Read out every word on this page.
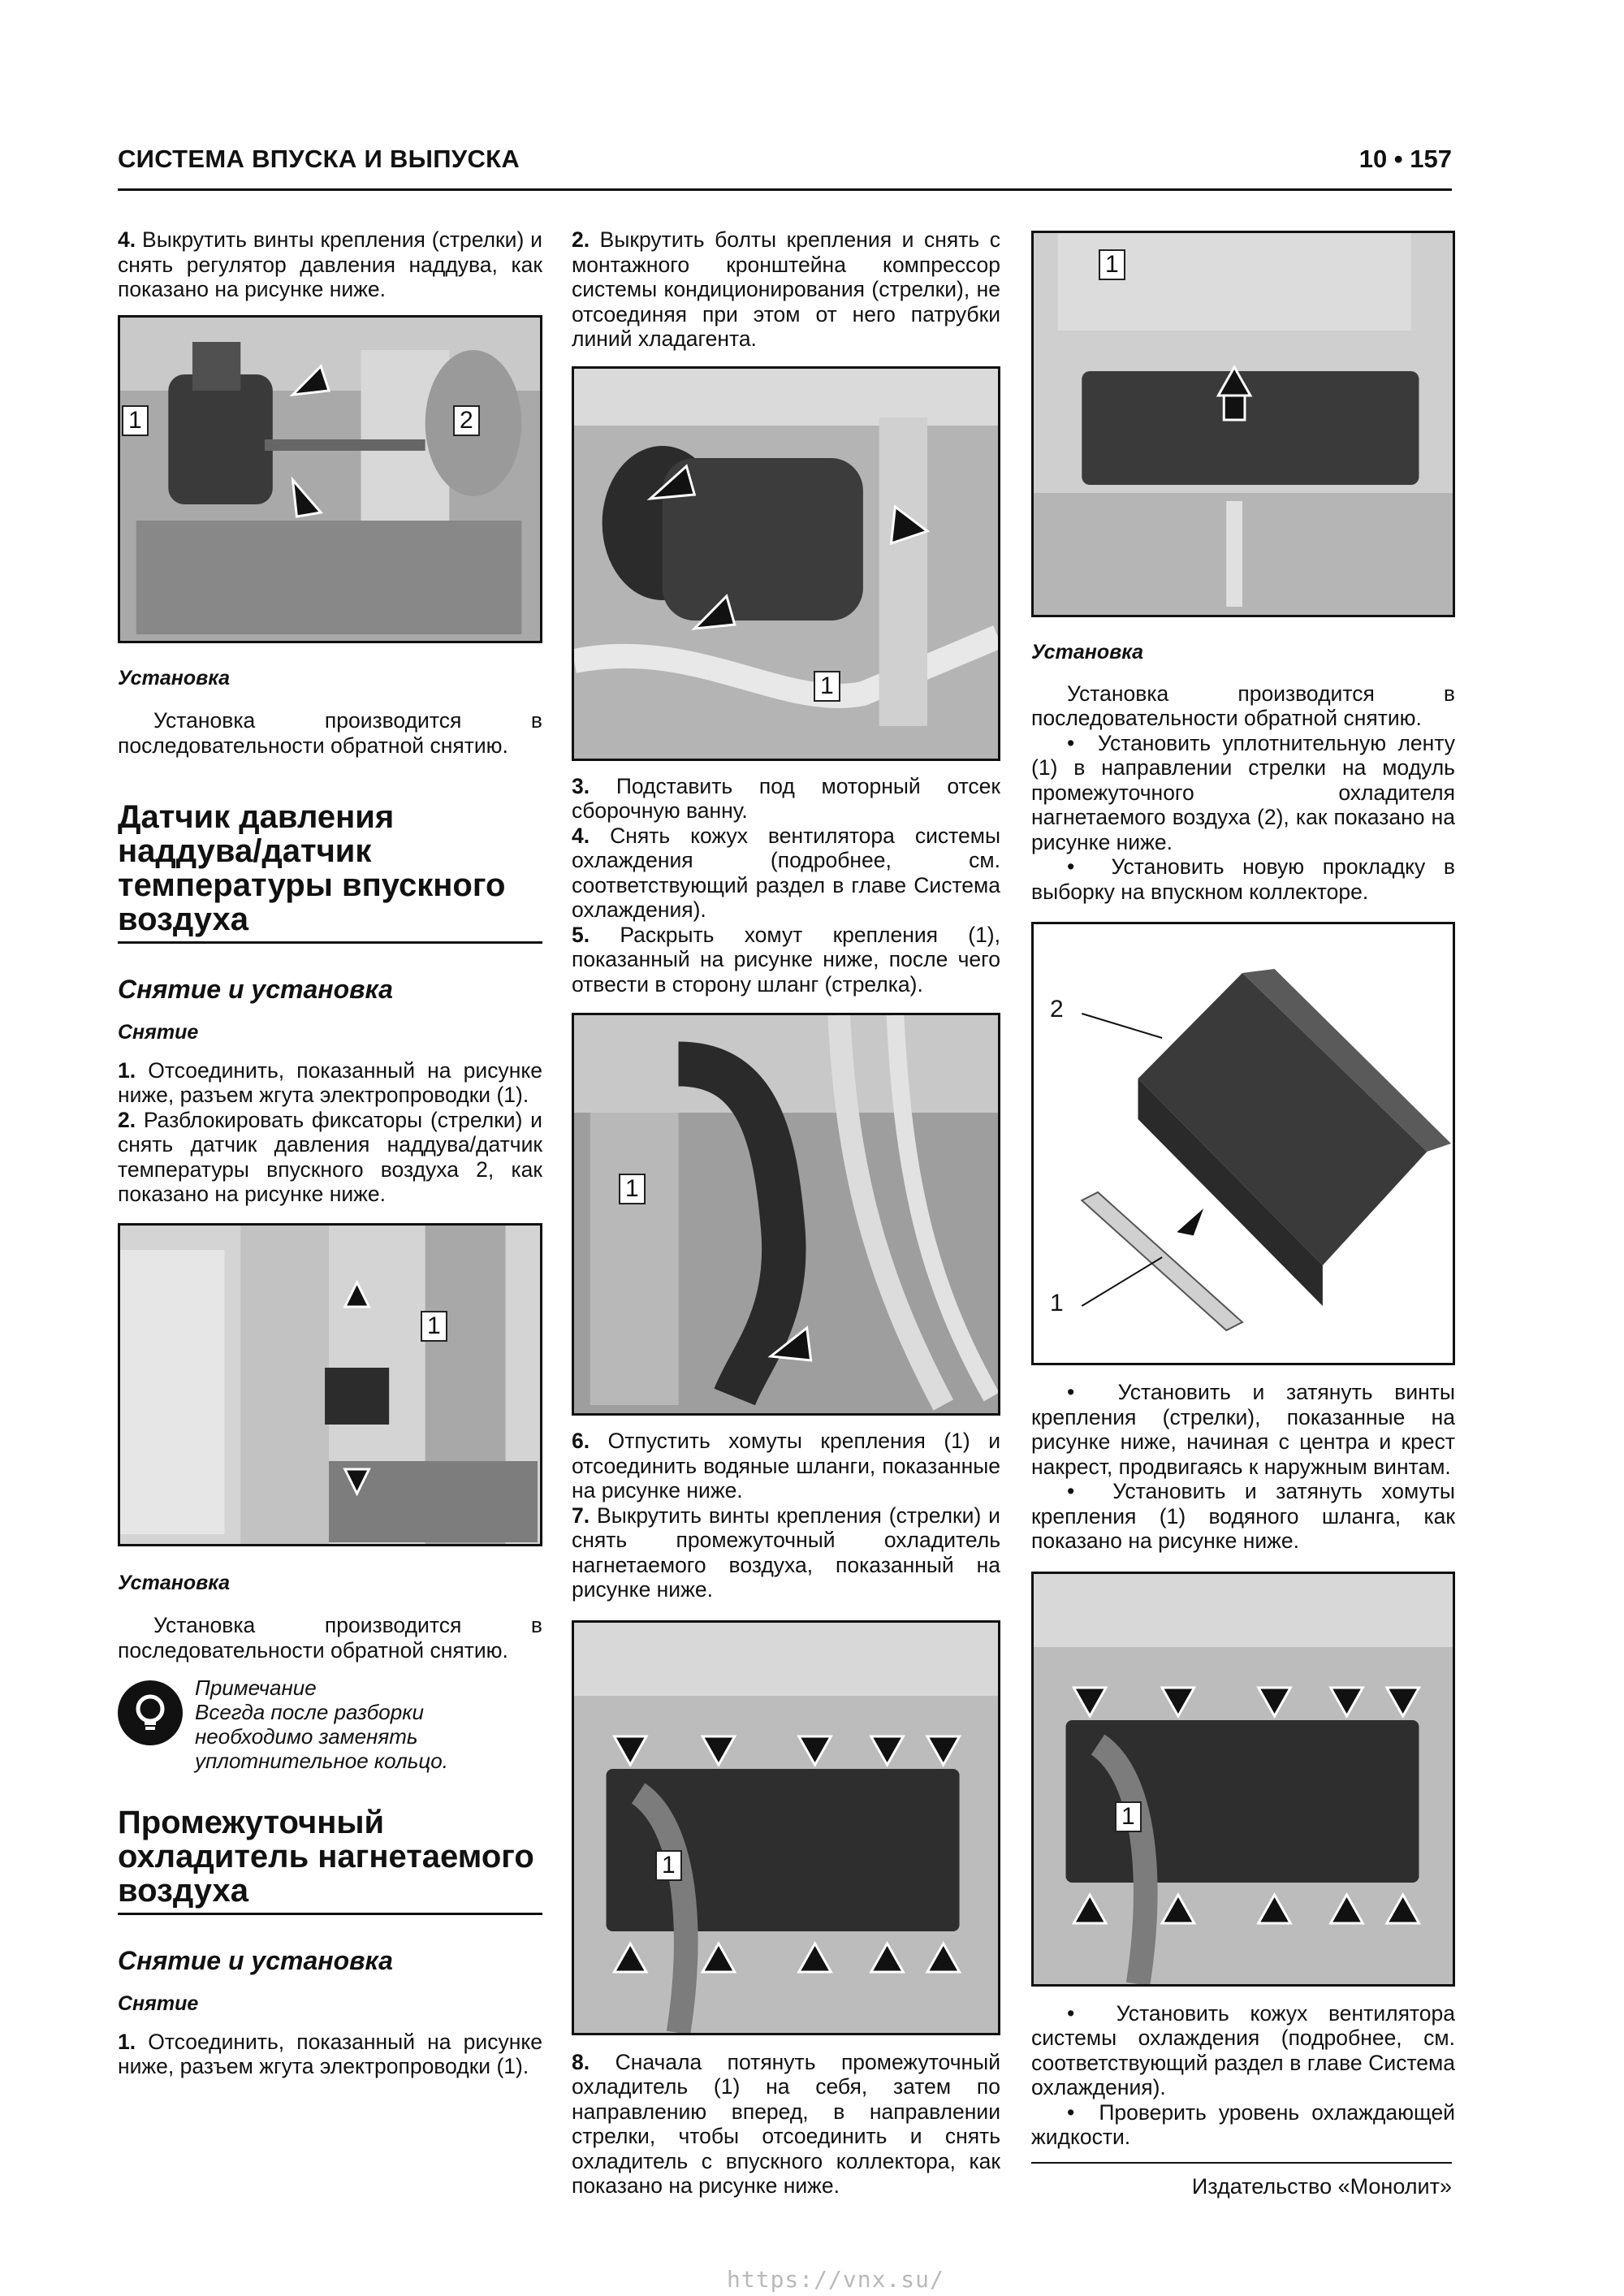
СИСТЕМА ВПУСКА И ВЫПУСКА	10 • 157

4. Выкрутить винты крепления (стрелки) и снять регулятор давления наддува, как показано на рисунке ниже.

1	2

Установка

Установка производится в последовательности обратной снятию.

Датчик давления наддува/датчик температуры впускного воздуха
Снятие и установка

Снятие

1. Отсоединить, показанный на рисунке ниже, разъем жгута электропроводки (1).

2. Разблокировать фиксаторы (стрелки) и снять датчик давления наддува/датчик температуры впускного воздуха 2, как показано на рисунке ниже.

1

Установка

Установка производится в последовательности обратной снятию.

Примечание
Всегда после разборки необходимо заменять уплотнительное кольцо.
Промежуточный охладитель нагнетаемого воздуха
Снятие и установка

Снятие

1. Отсоединить, показанный на рисунке ниже, разъем жгута электропроводки (1).

2. Выкрутить болты крепления и снять с монтажного кронштейна компрессор системы кондиционирования (стрелки), не отсоединяя при этом от него патрубки линий хладагента.

1

3. Подставить под моторный отсек сборочную ванну.

4. Снять кожух вентилятора системы охлаждения (подробнее, см. соответствующий раздел в главе Система охлаждения).

5. Раскрыть хомут крепления (1), показанный на рисунке ниже, после чего отвести в сторону шланг (стрелка).

1

6. Отпустить хомуты крепления (1) и отсоединить водяные шланги, показанные на рисунке ниже.

7. Выкрутить винты крепления (стрелки) и снять промежуточный охладитель нагнетаемого воздуха, показанный на рисунке ниже.

1

8. Сначала потянуть промежуточный охладитель (1) на себя, затем по направлению вперед, в направлении стрелки, чтобы отсоединить и снять охладитель с впускного коллектора, как показано на рисунке ниже.

1

Установка

Установка производится в последовательности обратной снятию.

•  Установить уплотнительную ленту (1) в направлении стрелки на модуль промежуточного охладителя нагнетаемого воздуха (2), как показано на рисунке ниже.

•  Установить новую прокладку в выборку на впускном коллекторе.

2
1

•  Установить и затянуть винты крепления (стрелки), показанные на рисунке ниже, начиная с центра и крест накрест, продвигаясь к наружным винтам.

•  Установить и затянуть хомуты крепления (1) водяного шланга, как показано на рисунке ниже.

1

•  Установить кожух вентилятора системы охлаждения (подробнее, см. соответствующий раздел в главе Система охлаждения).

•  Проверить уровень охлаждающей жидкости.

Издательство «Монолит»
https://vnx.su/
